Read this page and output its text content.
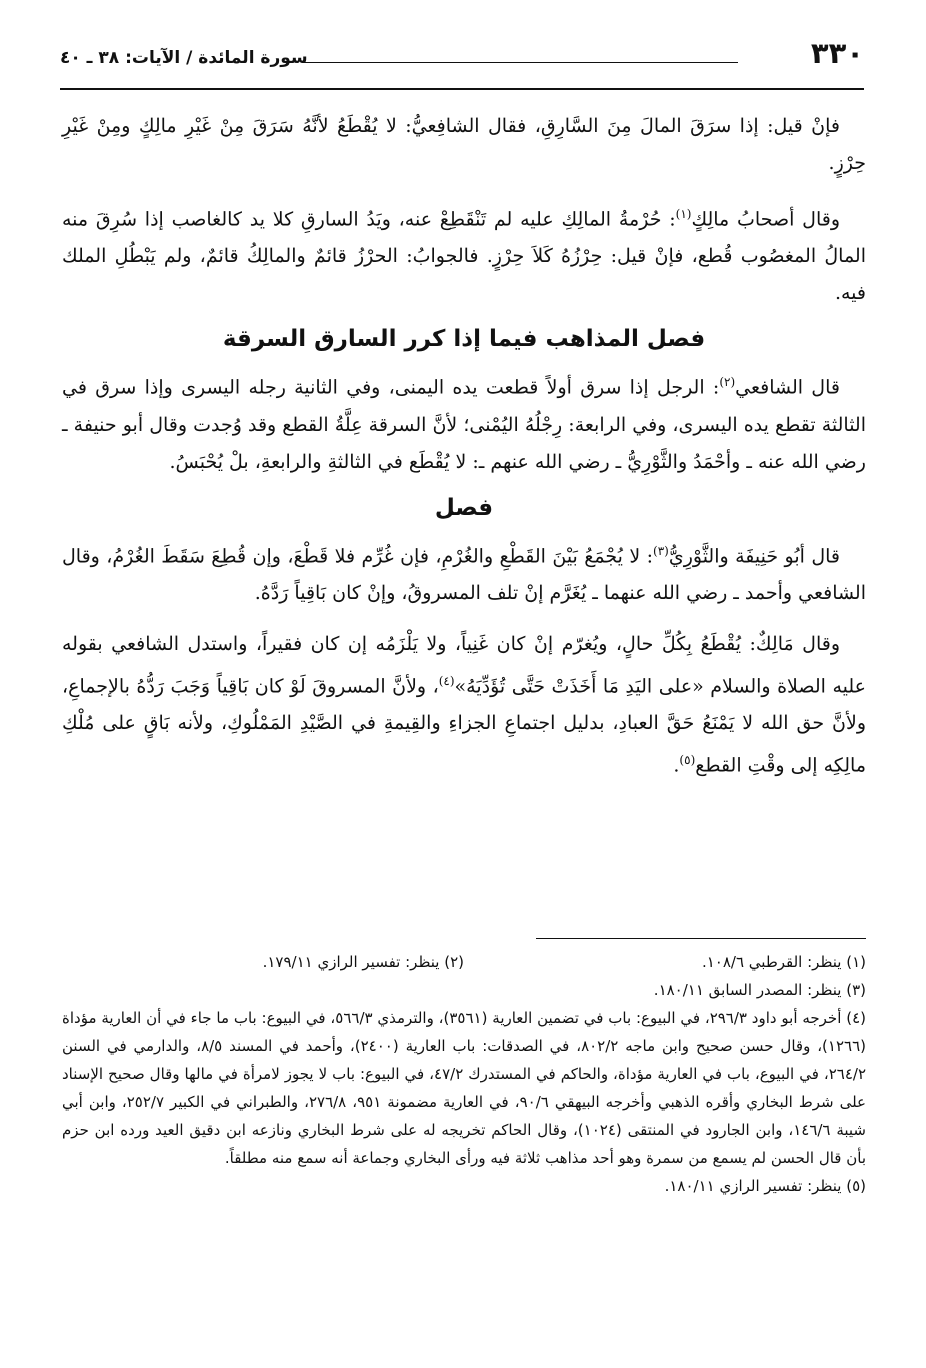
٣٣٠
سورة المائدة / الآيات: ٣٨ ـ ٤٠

فإنْ قيل: إذا سرَقَ المالَ مِنَ السَّارِقِ، فقال الشافِعيُّ: لا يُقْطَعُ لأنَّهُ سَرَقَ مِنْ غَيْرِ مالِكٍ ومِنْ غَيْرِ حِرْزٍ.

وقال أصحابُ مالِكٍ$^{(١)}$: حُرْمةُ المالِكِ عليه لم تَنْقَطِعْ عنه، ويَدُ السارقِ كلا يد كالغاصب إذا سُرِقَ منه المالُ المغصُوب قُطع، فإنْ قيل: حِرْزُهُ كَلاَ حِرْزٍ. فالجوابُ: الحرْزُ قائمٌ والمالِكُ قائمٌ، ولم يَبْطُلِ الملك فيه.

فصل المذاهب فيما إذا كرر السارق السرقة

قال الشافعي$^{(٢)}$: الرجل إذا سرق أولاً قطعت يده اليمنى، وفي الثانية رجله اليسرى وإذا سرق في الثالثة تقطع يده اليسرى، وفي الرابعة: رِجْلُهُ اليُمْنى؛ لأنَّ السرقة عِلَّةُ القطع وقد وُجدت وقال أبو حنيفة ـ رضي الله عنه ـ وأحْمَدُ والثَّوْرِيُّ ـ رضي الله عنهم ـ: لا يُقْطَع في الثالثةِ والرابعةِ، بلْ يُحْبَسُ.

فصل

قال أبُو حَنِيفَة والثَّوْرِيُّ$^{(٣)}$: لا يُجْمَعُ بَيْنَ القَطْعِ والغُرْمِ، فإن غُرِّم فلا قَطْعَ، وإن قُطِعَ سَقَطَ الغُرْمُ، وقال الشافعي وأحمد ـ رضي الله عنهما ـ يُغَرَّم إنْ تلف المسروقُ، وإنْ كان بَاقِياً رَدَّهُ.

وقال مَالِكٌ: يُقْطَعُ بِكُلِّ حالٍ، ويُغرّم إنْ كان غَنِياً، ولا يَلْزَمُه إن كان فقيراً، واستدل الشافعي بقوله عليه الصلاة والسلام «على اليَدِ مَا أَخَذَتْ حَتَّى تُؤَدِّيَهُ»$^{(٤)}$، ولأنَّ المسروقَ لَوْ كان بَاقِياً وَجَبَ رَدُّهُ بالإجماعِ، ولأنَّ حق الله لا يَمْنَعُ حَقَّ العبادِ، بدليل اجتماعِ الجزاءِ والقِيمةِ في الصَّيْدِ المَمْلُوكِ، ولأنه بَاقٍ على مُلْكِ مالِكِه إلى وقْتِ القطع$^{(٥)}$.

(١) ينظر: القرطبي ١٠٨/٦.
(٢) ينظر: تفسير الرازي ١٧٩/١١.

(٣) ينظر: المصدر السابق ١٨٠/١١.

(٤) أخرجه أبو داود ٢٩٦/٣، في البيوع: باب في تضمين العارية (٣٥٦١)، والترمذي ٥٦٦/٣، في البيوع: باب ما جاء في أن العارية مؤداة (١٢٦٦)، وقال حسن صحيح وابن ماجه ٨٠٢/٢، في الصدقات: باب العارية (٢٤٠٠)، وأحمد في المسند ٨/٥، والدارمي في السنن ٢٦٤/٢، في البيوع، باب في العارية مؤداة، والحاكم في المستدرك ٤٧/٢، في البيوع: باب لا يجوز لامرأة في مالها وقال صحيح الإسناد على شرط البخاري وأقره الذهبي وأخرجه البيهقي ٩٠/٦، في العارية مضمونة ٩٥١، ٢٧٦/٨، والطبراني في الكبير ٢٥٢/٧، وابن أبي شيبة ١٤٦/٦، وابن الجارود في المنتقى (١٠٢٤)، وقال الحاكم تخريجه له على شرط البخاري ونازعه ابن دقيق العيد ورده ابن حزم بأن قال الحسن لم يسمع من سمرة وهو أحد مذاهب ثلاثة فيه ورأى البخاري وجماعة أنه سمع منه مطلقاً.

(٥) ينظر: تفسير الرازي ١٨٠/١١.
